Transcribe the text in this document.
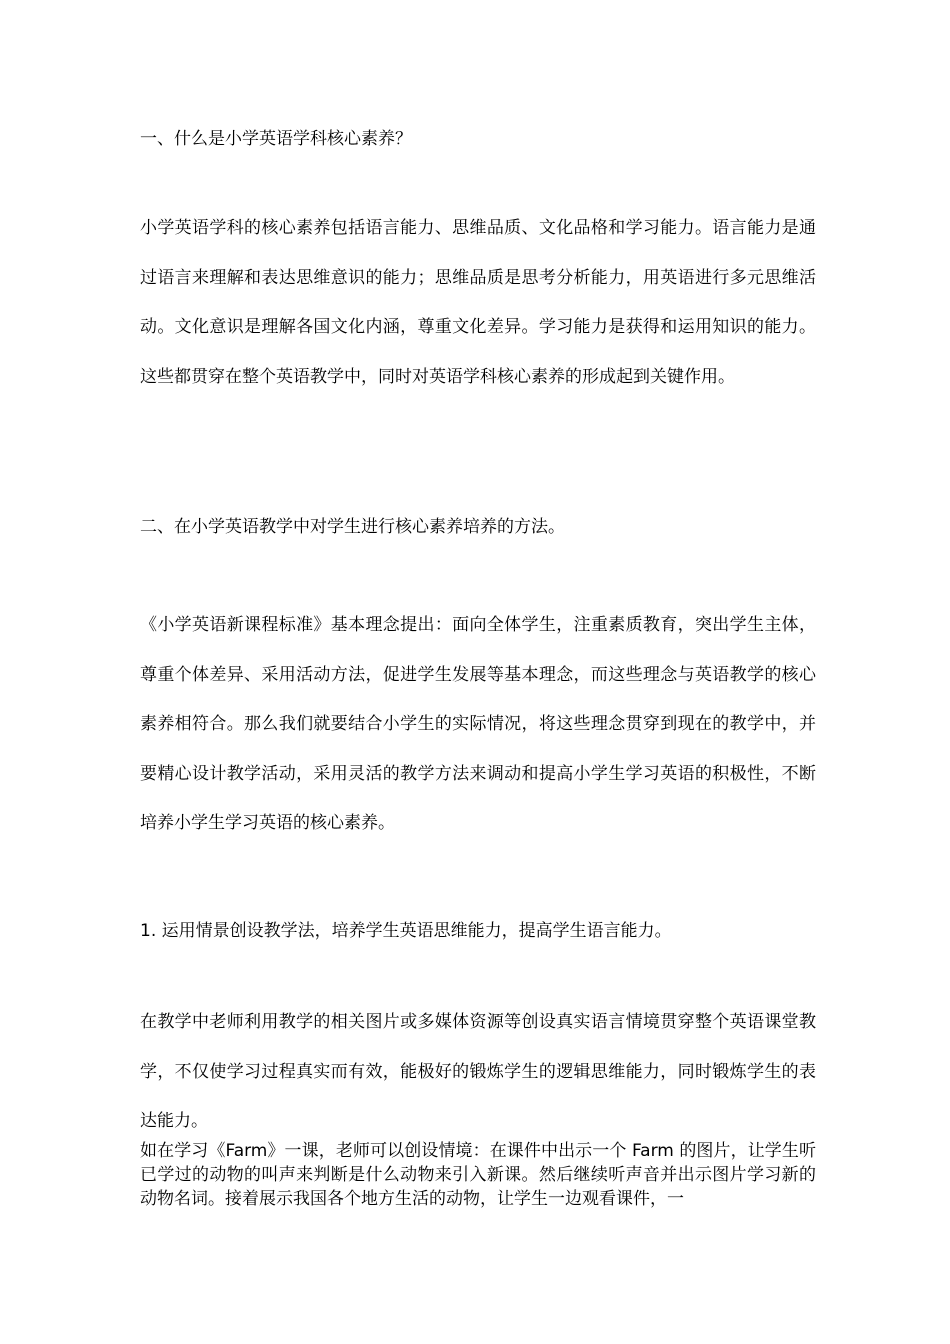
一、什么是小学英语学科核心素养？

小学英语学科的核心素养包括语言能力、思维品质、文化品格和学习能力。语言能力是通过语言来理解和表达思维意识的能力；思维品质是思考分析能力，用英语进行多元思维活动。文化意识是理解各国文化内涵，尊重文化差异。学习能力是获得和运用知识的能力。这些都贯穿在整个英语教学中，同时对英语学科核心素养的形成起到关键作用。

二、在小学英语教学中对学生进行核心素养培养的方法。

《小学英语新课程标准》基本理念提出：面向全体学生，注重素质教育，突出学生主体，尊重个体差异、采用活动方法，促进学生发展等基本理念，而这些理念与英语教学的核心素养相符合。那么我们就要结合小学生的实际情况，将这些理念贯穿到现在的教学中，并要精心设计教学活动，采用灵活的教学方法来调动和提高小学生学习英语的积极性，不断培养小学生学习英语的核心素养。

1. 运用情景创设教学法，培养学生英语思维能力，提高学生语言能力。

在教学中老师利用教学的相关图片或多媒体资源等创设真实语言情境贯穿整个英语课堂教学，不仅使学习过程真实而有效，能极好的锻炼学生的逻辑思维能力，同时锻炼学生的表达能力。

如在学习《Farm》一课，老师可以创设情境：在课件中出示一个 Farm 的图片，让学生听已学过的动物的叫声来判断是什么动物来引入新课。然后继续听声音并出示图片学习新的动物名词。接着展示我国各个地方生活的动物，让学生一边观看课件，一
